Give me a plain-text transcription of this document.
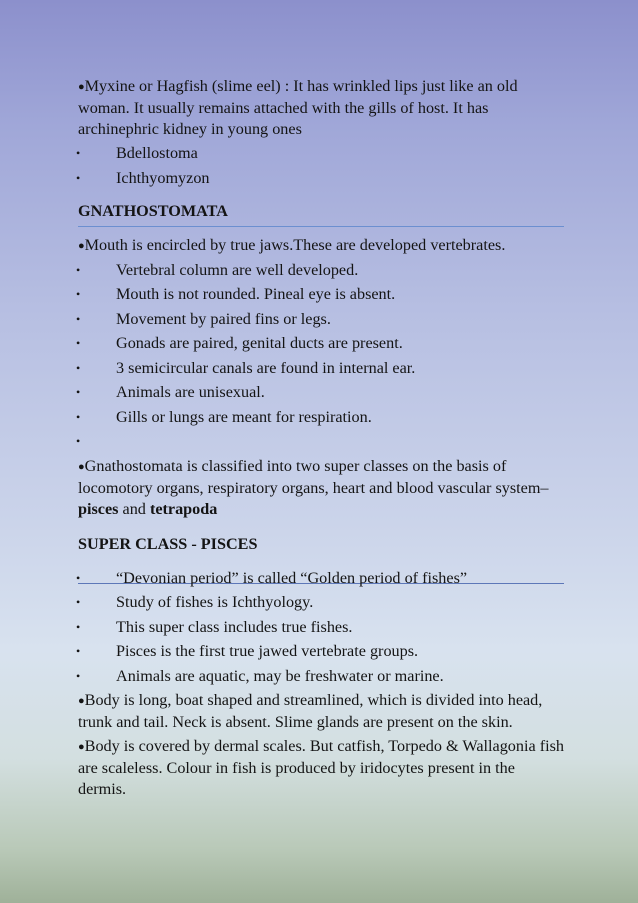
●Myxine or Hagfish (slime eel) : It has wrinkled lips just like an old woman. It usually remains attached with the gills of host. It has archinephric kidney in young ones

• Bdellostoma
• Ichthyomyzon
GNATHOSTOMATA

●Mouth is encircled by true jaws.These are developed vertebrates.

• Vertebral column are well developed.
• Mouth is not rounded. Pineal eye is absent.
• Movement by paired fins or legs.
• Gonads are paired, genital ducts are present.
• 3 semicircular canals are found in internal ear.
• Animals are unisexual.
• Gills or lungs are meant for respiration.
•

●Gnathostomata is classified into two super classes on the basis of locomotory organs, respiratory organs, heart and blood vascular system– pisces and tetrapoda

SUPER CLASS - PISCES
• “Devonian period” is called “Golden period of fishes”
• Study of fishes is Ichthyology.
• This super class includes true fishes.
• Pisces is the first true jawed vertebrate groups.
• Animals are aquatic, may be freshwater or marine.

●Body is long, boat shaped and streamlined, which is divided into head, trunk and tail. Neck is absent. Slime glands are present on the skin.

●Body is covered by dermal scales. But catfish, Torpedo & Wallagonia fish are scaleless. Colour in fish is produced by iridocytes present in the dermis.
